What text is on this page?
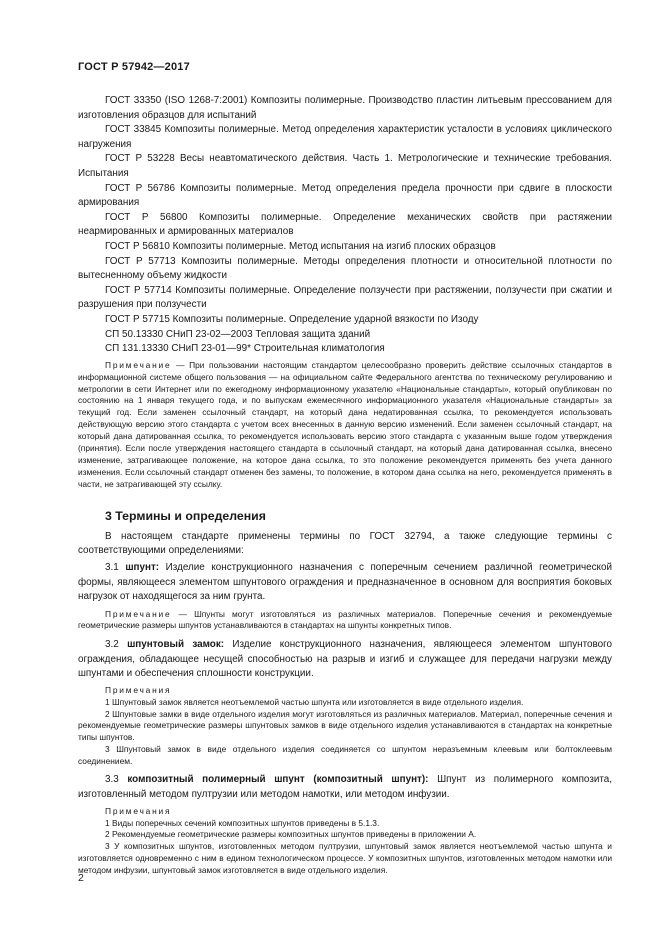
ГОСТ Р 57942—2017

ГОСТ 33350 (ISO 1268-7:2001) Композиты полимерные. Производство пластин литьевым прессованием для изготовления образцов для испытаний

ГОСТ 33845 Композиты полимерные. Метод определения характеристик усталости в условиях циклического нагружения

ГОСТ Р 53228 Весы неавтоматического действия. Часть 1. Метрологические и технические требования. Испытания

ГОСТ Р 56786 Композиты полимерные. Метод определения предела прочности при сдвиге в плоскости армирования

ГОСТ Р 56800 Композиты полимерные. Определение механических свойств при растяжении неармированных и армированных материалов

ГОСТ Р 56810 Композиты полимерные. Метод испытания на изгиб плоских образцов

ГОСТ Р 57713 Композиты полимерные. Методы определения плотности и относительной плотности по вытесненному объему жидкости

ГОСТ Р 57714 Композиты полимерные. Определение ползучести при растяжении, ползучести при сжатии и разрушения при ползучести

ГОСТ Р 57715 Композиты полимерные. Определение ударной вязкости по Изоду

СП 50.13330 СНиП 23-02—2003 Тепловая защита зданий

СП 131.13330 СНиП 23-01—99* Строительная климатология

Примечание — При пользовании настоящим стандартом целесообразно проверить действие ссылочных стандартов в информационной системе общего пользования — на официальном сайте Федерального агентства по техническому регулированию и метрологии в сети Интернет или по ежегодному информационному указателю «Национальные стандарты», который опубликован по состоянию на 1 января текущего года, и по выпускам ежемесячного информационного указателя «Национальные стандарты» за текущий год. Если заменен ссылочный стандарт, на который дана недатированная ссылка, то рекомендуется использовать действующую версию этого стандарта с учетом всех внесенных в данную версию изменений. Если заменен ссылочный стандарт, на который дана датированная ссылка, то рекомендуется использовать версию этого стандарта с указанным выше годом утверждения (принятия). Если после утверждения настоящего стандарта в ссылочный стандарт, на который дана датированная ссылка, внесено изменение, затрагивающее положение, на которое дана ссылка, то это положение рекомендуется применять без учета данного изменения. Если ссылочный стандарт отменен без замены, то положение, в котором дана ссылка на него, рекомендуется применять в части, не затрагивающей эту ссылку.

3 Термины и определения

В настоящем стандарте применены термины по ГОСТ 32794, а также следующие термины с соответствующими определениями:

3.1 шпунт: Изделие конструкционного назначения с поперечным сечением различной геометрической формы, являющееся элементом шпунтового ограждения и предназначенное в основном для восприятия боковых нагрузок от находящегося за ним грунта.

Примечание — Шпунты могут изготовляться из различных материалов. Поперечные сечения и рекомендуемые геометрические размеры шпунтов устанавливаются в стандартах на шпунты конкретных типов.

3.2 шпунтовый замок: Изделие конструкционного назначения, являющееся элементом шпунтового ограждения, обладающее несущей способностью на разрыв и изгиб и служащее для передачи нагрузки между шпунтами и обеспечения сплошности конструкции.

Примечания

1 Шпунтовый замок является неотъемлемой частью шпунта или изготовляется в виде отдельного изделия.

2 Шпунтовые замки в виде отдельного изделия могут изготовляться из различных материалов. Материал, поперечные сечения и рекомендуемые геометрические размеры шпунтовых замков в виде отдельного изделия устанавливаются в стандартах на конкретные типы шпунтов.

3 Шпунтовый замок в виде отдельного изделия соединяется со шпунтом неразъемным клеевым или болтоклеевым соединением.

3.3 композитный полимерный шпунт (композитный шпунт): Шпунт из полимерного композита, изготовленный методом пултрузии или методом намотки, или методом инфузии.

Примечания

1 Виды поперечных сечений композитных шпунтов приведены в 5.1.3.

2 Рекомендуемые геометрические размеры композитных шпунтов приведены в приложении А.

3 У композитных шпунтов, изготовленных методом пултрузии, шпунтовый замок является неотъемлемой частью шпунта и изготовляется одновременно с ним в едином технологическом процессе. У композитных шпунтов, изготовленных методом намотки или методом инфузии, шпунтовый замок изготовляется в виде отдельного изделия.

2
